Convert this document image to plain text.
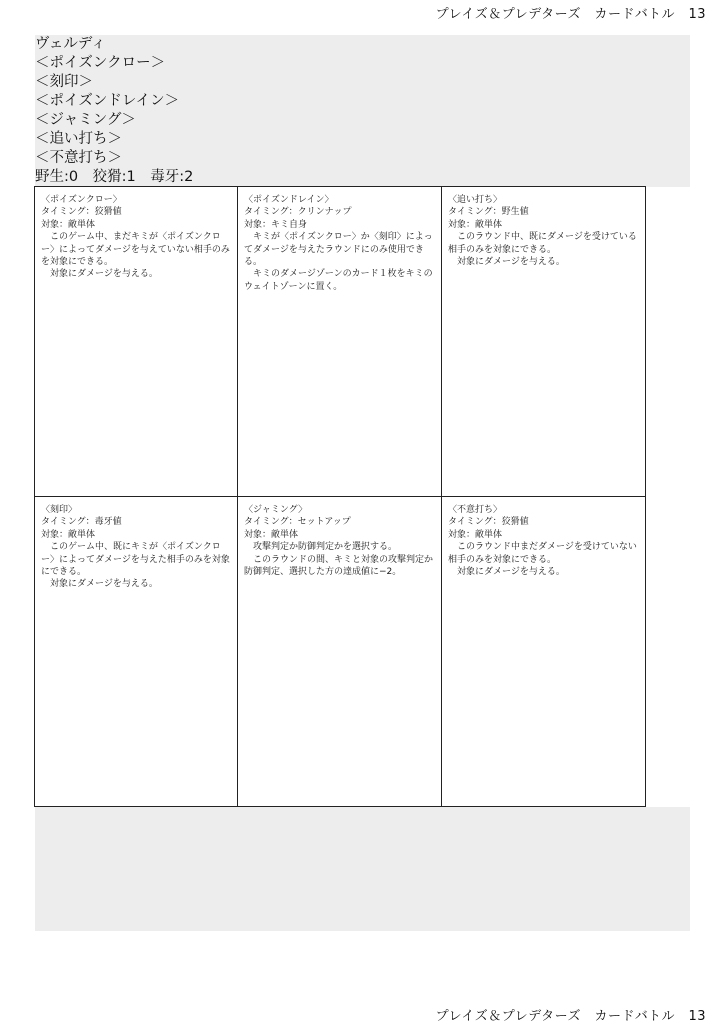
プレイズ＆プレデターズ　カードバトル　13
ヴェルディ
＜ポイズンクロー＞
＜刻印＞
＜ポイズンドレイン＞
＜ジャミング＞
＜追い打ち＞
＜不意打ち＞
野生:0　狡猾:1　毒牙:2
〈ポイズンクロー〉
タイミング：狡猾値
対象：敵単体
このゲーム中、まだキミが〈ポイズンクロー〉によってダメージを与えていない相手のみを対象にできる。
対象にダメージを与える。
〈ポイズンドレイン〉
タイミング：クリンナップ
対象：キミ自身
キミが〈ポイズンクロー〉か〈刻印〉によってダメージを与えたラウンドにのみ使用できる。
キミのダメージゾーンのカード１枚をキミのウェイトゾーンに置く。
〈追い打ち〉
タイミング：野生値
対象：敵単体
このラウンド中、既にダメージを受けている相手のみを対象にできる。
対象にダメージを与える。
〈刻印〉
タイミング：毒牙値
対象：敵単体
このゲーム中、既にキミが〈ポイズンクロー〉によってダメージを与えた相手のみを対象にできる。
対象にダメージを与える。
〈ジャミング〉
タイミング：セットアップ
対象：敵単体
攻撃判定か防御判定かを選択する。
このラウンドの間、キミと対象の攻撃判定か防御判定、選択した方の達成値に−2。
〈不意打ち〉
タイミング：狡猾値
対象：敵単体
このラウンド中まだダメージを受けていない相手のみを対象にできる。
対象にダメージを与える。
プレイズ＆プレデターズ　カードバトル　13
